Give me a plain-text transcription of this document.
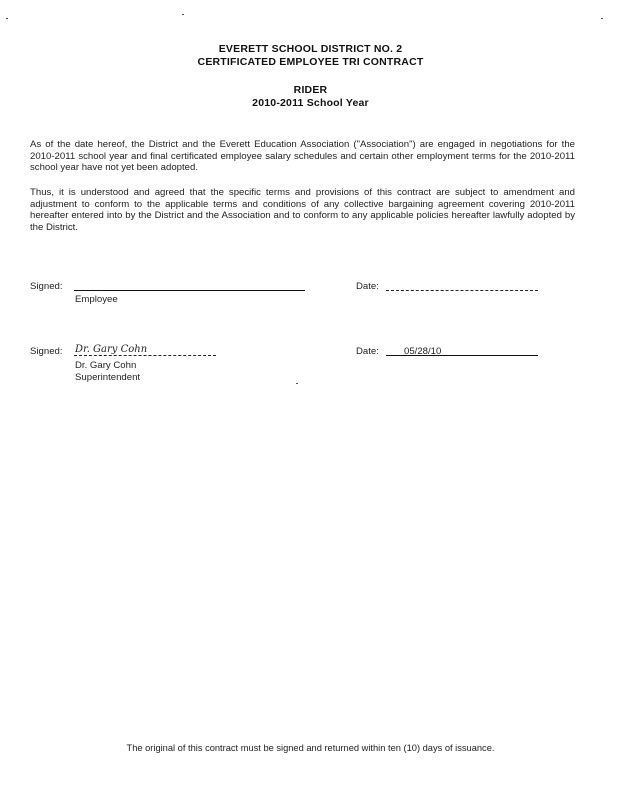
EVERETT SCHOOL DISTRICT NO. 2
CERTIFICATED EMPLOYEE TRI CONTRACT
RIDER
2010-2011 School Year
As of the date hereof, the District and the Everett Education Association ("Association") are engaged in negotiations for the 2010-2011 school year and final certificated employee salary schedules and certain other employment terms for the 2010-2011 school year have not yet been adopted.
Thus, it is understood and agreed that the specific terms and provisions of this contract are subject to amendment and adjustment to conform to the applicable terms and conditions of any collective bargaining agreement covering 2010-2011 hereafter entered into by the District and the Association and to conform to any applicable policies hereafter lawfully adopted by the District.
Signed:
Employee
Date:
Signed: Dr. Gary Cohn
Dr. Gary Cohn
Superintendent
Date:	05/28/10
The original of this contract must be signed and returned within ten (10) days of issuance.
